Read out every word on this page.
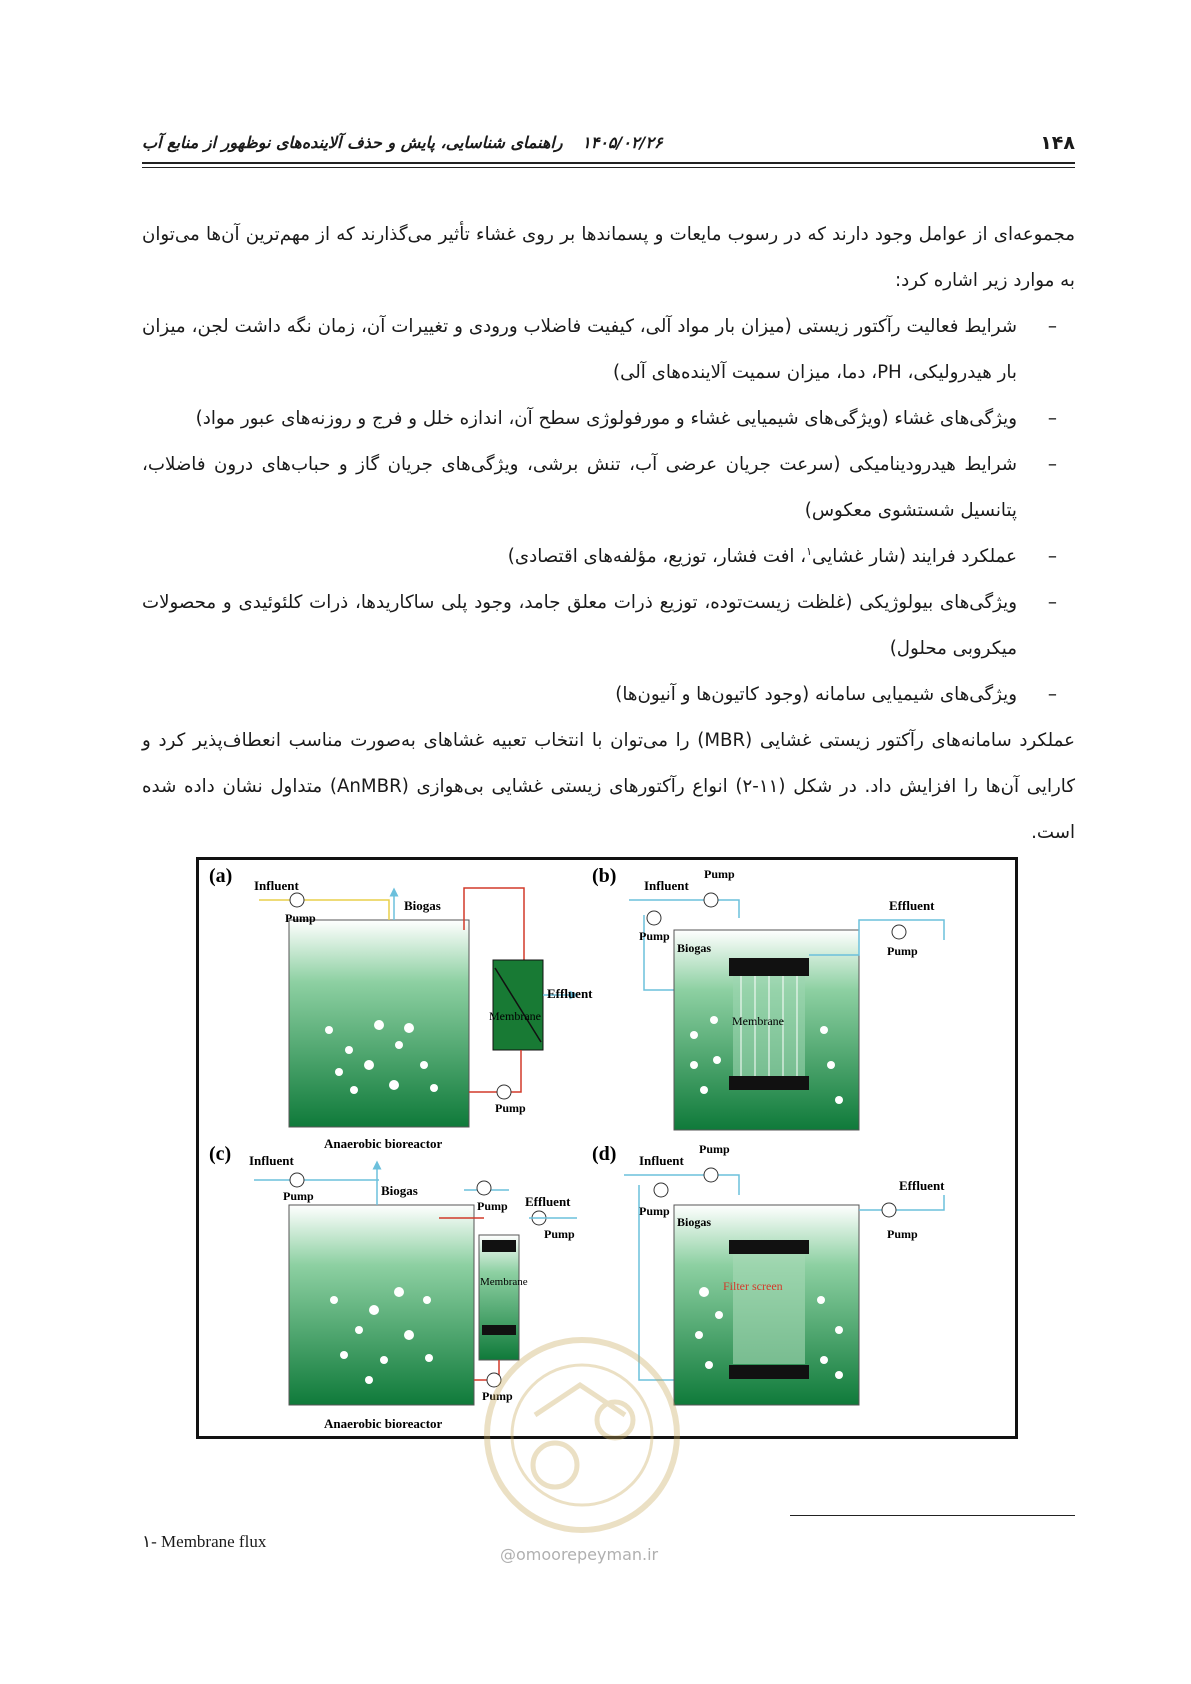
۱۴۸
۱۴۰۵/۰۲/۲۶ راهنمای شناسایی، پایش و حذف آلاینده‌های نوظهور از منابع آب

مجموعه‌ای از عوامل وجود دارند که در رسوب مایعات و پسماندها بر روی غشاء تأثیر می‌گذارند که از مهم‌ترین آن‌ها می‌توان به موارد زیر اشاره کرد:

– شرایط فعالیت رآکتور زیستی (میزان بار مواد آلی، کیفیت فاضلاب ورودی و تغییرات آن، زمان نگه داشت لجن، میزان بار هیدرولیکی، PH، دما، میزان سمیت آلاینده‌های آلی)
– ویژگی‌های غشاء (ویژگی‌های شیمیایی غشاء و مورفولوژی سطح آن، اندازه خلل و فرج و روزنه‌های عبور مواد)
– شرایط هیدرودینامیکی (سرعت جریان عرضی آب، تنش برشی، ویژگی‌های جریان گاز و حباب‌های درون فاضلاب، پتانسیل شستشوی معکوس)
– عملکرد فرایند (شار غشایی$^۱$، افت فشار، توزیع، مؤلفه‌های اقتصادی)
– ویژگی‌های بیولوژیکی (غلظت زیست‌توده، توزیع ذرات معلق جامد، وجود پلی ساکاریدها، ذرات کلئوئیدی و محصولات میکروبی محلول)
– ویژگی‌های شیمیایی سامانه (وجود کاتیون‌ها و آنیون‌ها)

عملکرد سامانه‌های رآکتور زیستی غشایی (MBR) را می‌توان با انتخاب تعبیه غشاهای به‌صورت مناسب انعطاف‌پذیر کرد و کارایی آن‌ها را افزایش داد. در شکل (۱۱-۲) انواع رآکتورهای زیستی غشایی بی‌هوازی (AnMBR) متداول نشان داده شده است.

(a) Influent
Pump
Biogas
Membrane
Effluent
Pump
Anaerobic bioreactor
(b) Influent
Pump
Pump
Biogas
Membrane
Effluent
Pump
(c) Influent
Pump	Biogas
Pump Effluent
Pump
Membrane
Pump
Anaerobic bioreactor
(d) Influent
Pump
Pump
Biogas
Filter screen
Effluent
Pump
@omoorepeyman.ir
۱- Membrane flux
